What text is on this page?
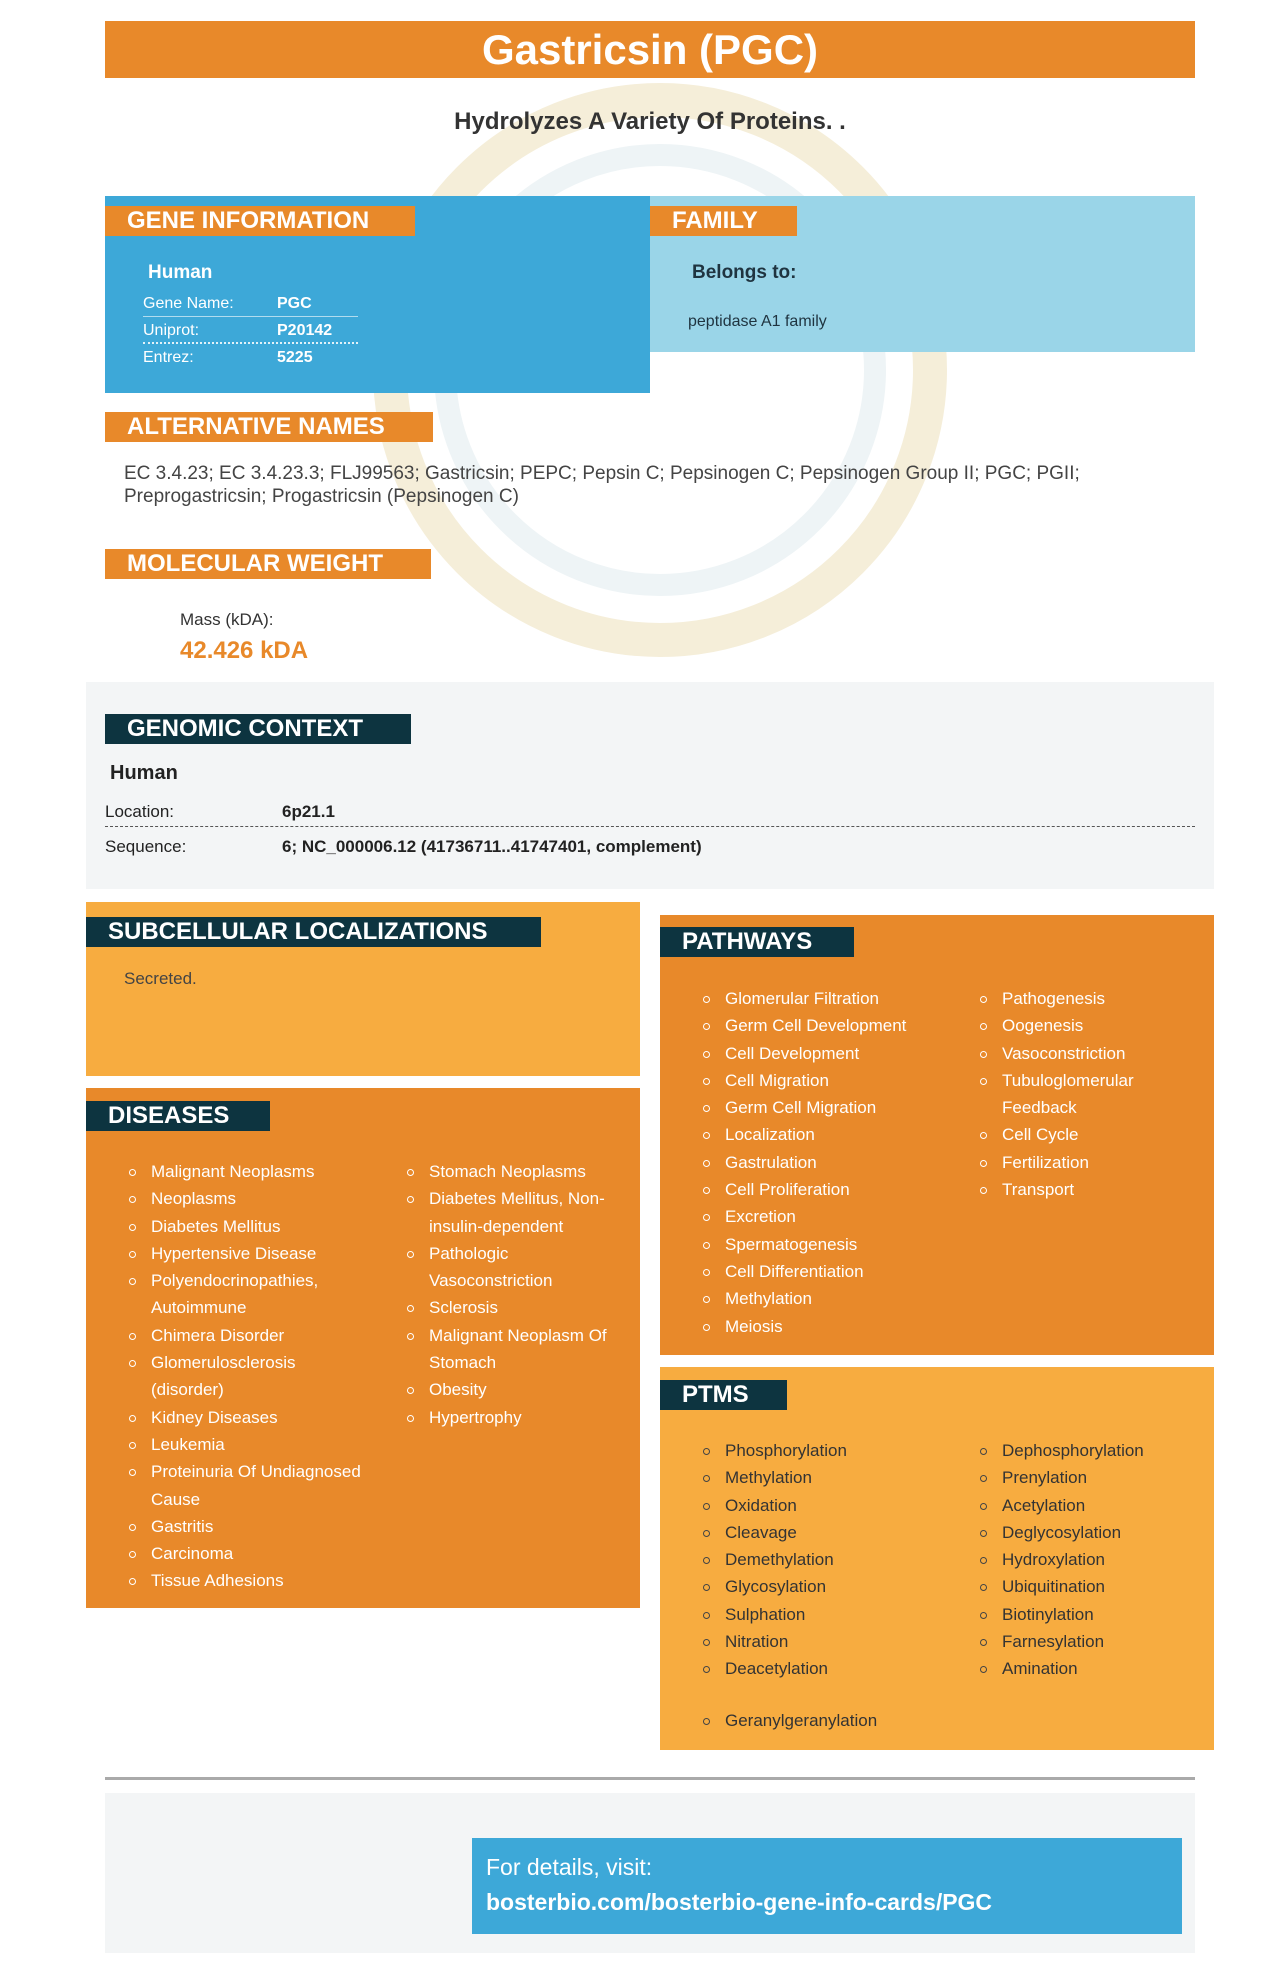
Gastricsin (PGC)
Hydrolyzes A Variety Of Proteins. .
GENE INFORMATION
Human
Gene Name:	PGC
Uniprot:	P20142
Entrez:	5225
FAMILY
Belongs to:
peptidase A1 family
ALTERNATIVE NAMES
EC 3.4.23; EC 3.4.23.3; FLJ99563; Gastricsin; PEPC; Pepsin C; Pepsinogen C; Pepsinogen Group II; PGC; PGII; Preprogastricsin; Progastricsin (Pepsinogen C)
MOLECULAR WEIGHT
Mass (kDA):
42.426 kDA
GENOMIC CONTEXT
Human
Location:	6p21.1
Sequence:	6; NC_000006.12 (41736711..41747401, complement)
SUBCELLULAR LOCALIZATIONS
Secreted.
DISEASES
Malignant Neoplasms
Neoplasms
Diabetes Mellitus
Hypertensive Disease
Polyendocrinopathies, Autoimmune
Chimera Disorder
Glomerulosclerosis (disorder)
Kidney Diseases
Leukemia
Proteinuria Of Undiagnosed Cause
Gastritis
Carcinoma
Tissue Adhesions
Stomach Neoplasms
Diabetes Mellitus, Non-insulin-dependent
Pathologic Vasoconstriction
Sclerosis
Malignant Neoplasm Of Stomach
Obesity
Hypertrophy
PATHWAYS
Glomerular Filtration
Germ Cell Development
Cell Development
Cell Migration
Germ Cell Migration
Localization
Gastrulation
Cell Proliferation
Excretion
Spermatogenesis
Cell Differentiation
Methylation
Meiosis
Pathogenesis
Oogenesis
Vasoconstriction
Tubuloglomerular Feedback
Cell Cycle
Fertilization
Transport
PTMS
Phosphorylation
Methylation
Oxidation
Cleavage
Demethylation
Glycosylation
Sulphation
Nitration
Deacetylation
Dephosphorylation
Prenylation
Acetylation
Deglycosylation
Hydroxylation
Ubiquitination
Biotinylation
Farnesylation
Amination
Geranylgeranylation
For details, visit:
bosterbio.com/bosterbio-gene-info-cards/PGC
